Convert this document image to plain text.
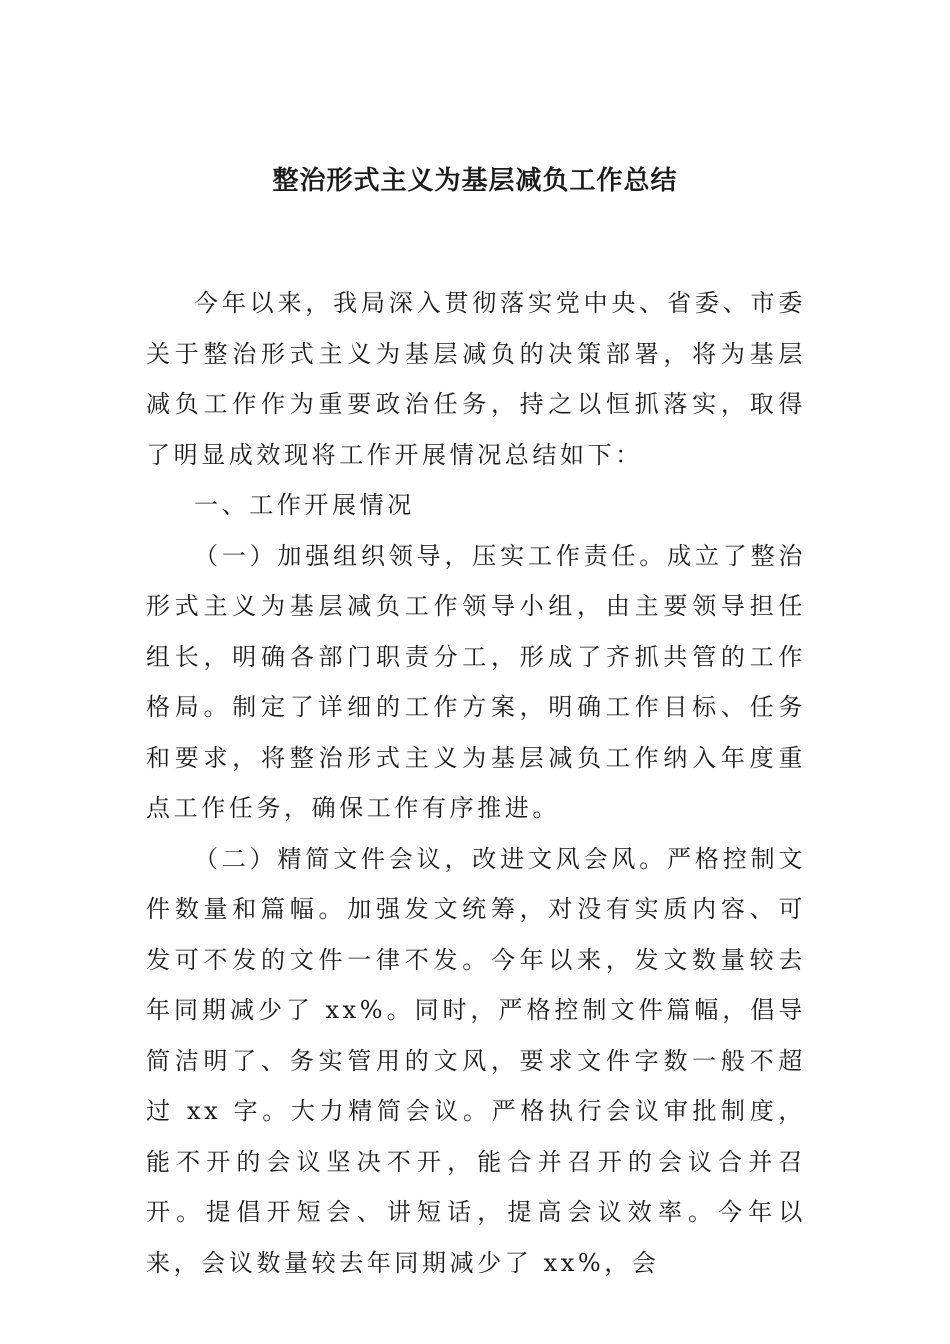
整治形式主义为基层减负工作总结

今年以来，我局深入贯彻落实党中央、省委、市委关于整治形式主义为基层减负的决策部署，将为基层减负工作作为重要政治任务，持之以恒抓落实，取得了明显成效现将工作开展情况总结如下：

一、工作开展情况

（一）加强组织领导，压实工作责任。成立了整治形式主义为基层减负工作领导小组，由主要领导担任组长，明确各部门职责分工，形成了齐抓共管的工作格局。制定了详细的工作方案，明确工作目标、任务和要求，将整治形式主义为基层减负工作纳入年度重点工作任务，确保工作有序推进。

（二）精简文件会议，改进文风会风。严格控制文件数量和篇幅。加强发文统筹，对没有实质内容、可发可不发的文件一律不发。今年以来，发文数量较去年同期减少了 xx%。同时，严格控制文件篇幅，倡导简洁明了、务实管用的文风，要求文件字数一般不超过 xx 字。大力精简会议。严格执行会议审批制度，能不开的会议坚决不开，能合并召开的会议合并召开。提倡开短会、讲短话，提高会议效率。今年以来，会议数量较去年同期减少了 xx%，会
